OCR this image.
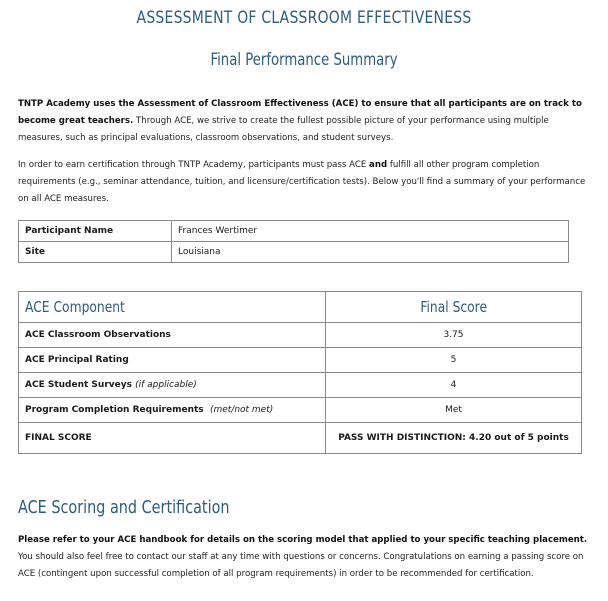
ASSESSMENT OF CLASSROOM EFFECTIVENESS
Final Performance Summary

TNTP Academy uses the Assessment of Classroom Effectiveness (ACE) to ensure that all participants are on track to become great teachers. Through ACE, we strive to create the fullest possible picture of your performance using multiple measures, such as principal evaluations, classroom observations, and student surveys.

In order to earn certification through TNTP Academy, participants must pass ACE and fulfill all other program completion requirements (e.g., seminar attendance, tuition, and licensure/certification tests). Below you'll find a summary of your performance on all ACE measures.

Participant Name	Frances Wertimer
Site	Louisiana
ACE Component	Final Score
ACE Classroom Observations	3.75
ACE Principal Rating	5
ACE Student Surveys (if applicable)	4
Program Completion Requirements (met/not met)	Met
FINAL SCORE	PASS WITH DISTINCTION: 4.20 out of 5 points
ACE Scoring and Certification

Please refer to your ACE handbook for details on the scoring model that applied to your specific teaching placement. You should also feel free to contact our staff at any time with questions or concerns. Congratulations on earning a passing score on ACE (contingent upon successful completion of all program requirements) in order to be recommended for certification.
